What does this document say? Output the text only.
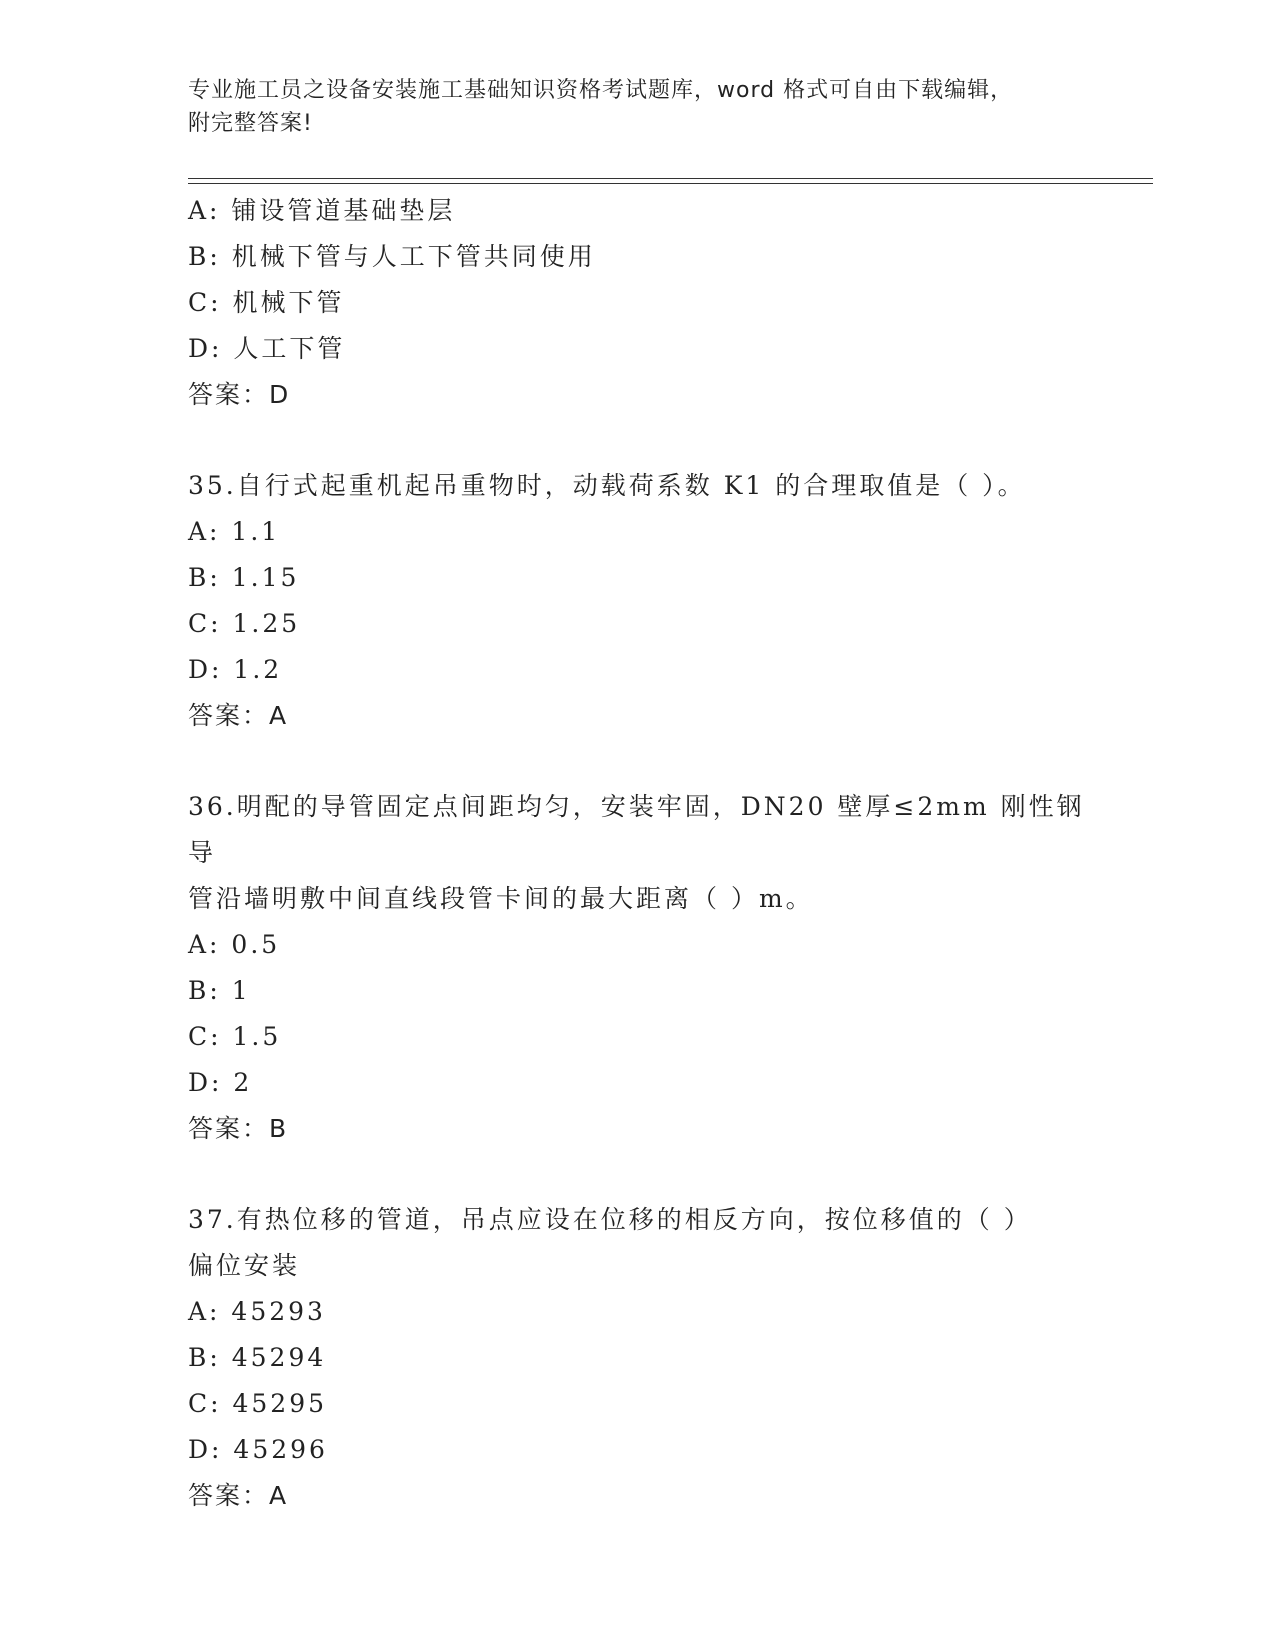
专业施工员之设备安装施工基础知识资格考试题库，word 格式可自由下载编辑，
附完整答案!
A: 铺设管道基础垫层
B: 机械下管与人工下管共同使用
C: 机械下管
D: 人工下管
答案：D
35.自行式起重机起吊重物时，动载荷系数 K1 的合理取值是（ ）。
A: 1.1
B: 1.15
C: 1.25
D: 1.2
答案：A
36.明配的导管固定点间距均匀，安装牢固，DN20 壁厚≤2mm 刚性钢导
管沿墙明敷中间直线段管卡间的最大距离（ ）m。
A: 0.5
B: 1
C: 1.5
D: 2
答案：B
37.有热位移的管道，吊点应设在位移的相反方向，按位移值的（ ）
偏位安装
A: 45293
B: 45294
C: 45295
D: 45296
答案：A
